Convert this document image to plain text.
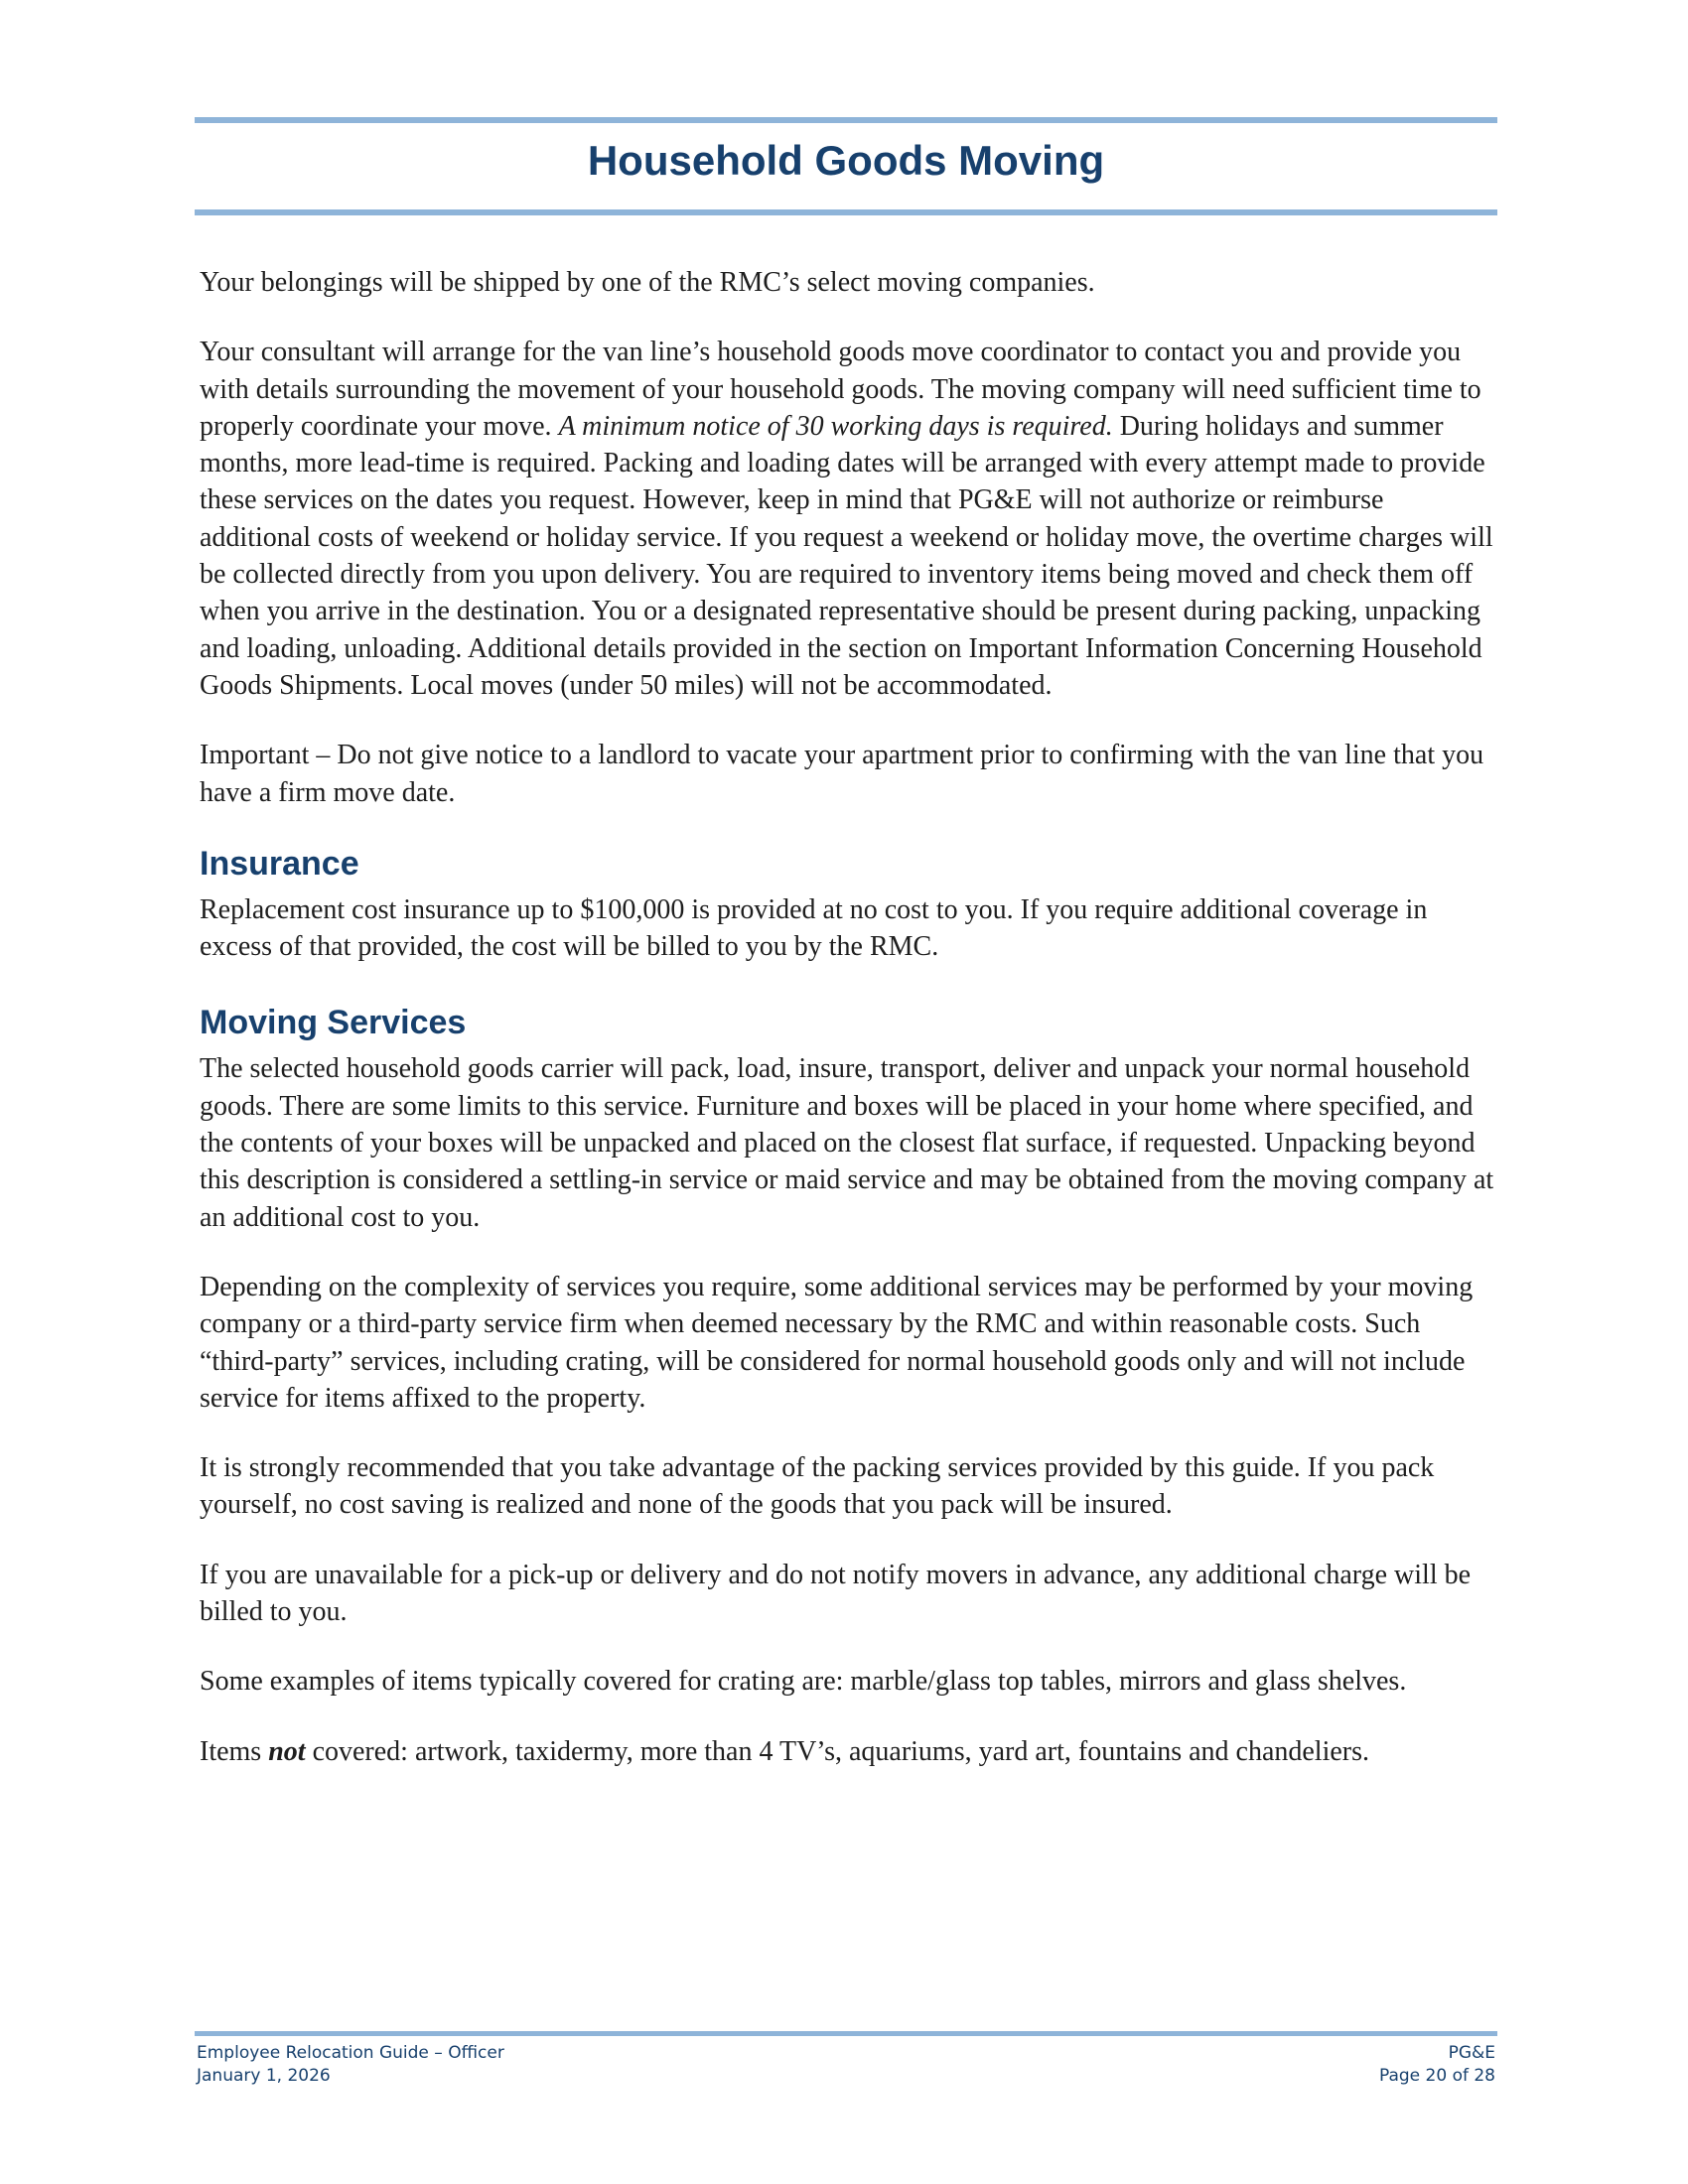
Household Goods Moving

Your belongings will be shipped by one of the RMC’s select moving companies.

Your consultant will arrange for the van line’s household goods move coordinator to contact you and provide you with details surrounding the movement of your household goods. The moving company will need sufficient time to properly coordinate your move. A minimum notice of 30 working days is required. During holidays and summer months, more lead-time is required. Packing and loading dates will be arranged with every attempt made to provide these services on the dates you request. However, keep in mind that PG&E will not authorize or reimburse additional costs of weekend or holiday service. If you request a weekend or holiday move, the overtime charges will be collected directly from you upon delivery. You are required to inventory items being moved and check them off when you arrive in the destination. You or a designated representative should be present during packing, unpacking and loading, unloading. Additional details provided in the section on Important Information Concerning Household Goods Shipments. Local moves (under 50 miles) will not be accommodated.

Important – Do not give notice to a landlord to vacate your apartment prior to confirming with the van line that you have a firm move date.

Insurance

Replacement cost insurance up to $100,000 is provided at no cost to you. If you require additional coverage in excess of that provided, the cost will be billed to you by the RMC.

Moving Services

The selected household goods carrier will pack, load, insure, transport, deliver and unpack your normal household goods. There are some limits to this service. Furniture and boxes will be placed in your home where specified, and the contents of your boxes will be unpacked and placed on the closest flat surface, if requested. Unpacking beyond this description is considered a settling-in service or maid service and may be obtained from the moving company at an additional cost to you.

Depending on the complexity of services you require, some additional services may be performed by your moving company or a third-party service firm when deemed necessary by the RMC and within reasonable costs. Such “third-party” services, including crating, will be considered for normal household goods only and will not include service for items affixed to the property.

It is strongly recommended that you take advantage of the packing services provided by this guide. If you pack yourself, no cost saving is realized and none of the goods that you pack will be insured.

If you are unavailable for a pick-up or delivery and do not notify movers in advance, any additional charge will be billed to you.

Some examples of items typically covered for crating are: marble/glass top tables, mirrors and glass shelves.

Items not covered: artwork, taxidermy, more than 4 TV’s, aquariums, yard art, fountains and chandeliers.

Employee Relocation Guide – Officer
January 1, 2026
PG&E
Page 20 of 28
